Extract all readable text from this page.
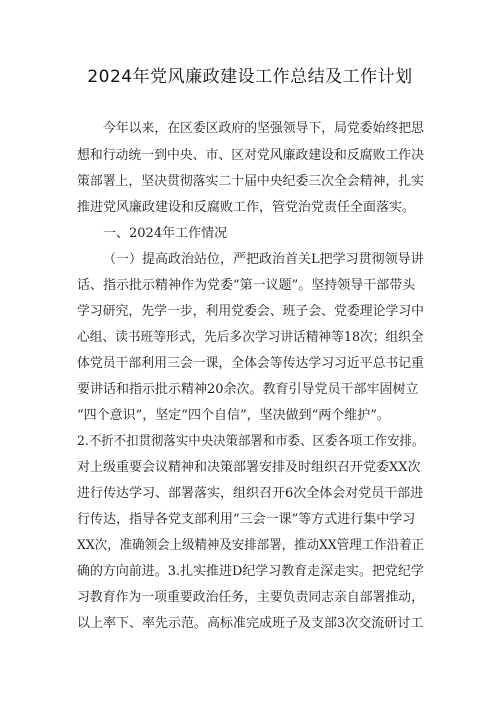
2024年党风廉政建设工作总结及工作计划
今年以来，在区委区政府的坚强领导下，局党委始终把思
想和行动统一到中央、市、区对党风廉政建设和反腐败工作决
策部署上，坚决贯彻落实二十届中央纪委三次全会精神，扎实
推进党风廉政建设和反腐败工作，管党治党责任全面落实。
一、2024年工作情况
（一）提高政治站位，严把政治首关L把学习贯彻领导讲
话、指示批示精神作为党委“第一议题”。坚持领导干部带头
学习研究，先学一步，利用党委会、班子会、党委理论学习中
心组、读书班等形式，先后多次学习讲话精神等18次；组织全
体党员干部利用三会一课，全体会等传达学习习近平总书记重
要讲话和指示批示精神20余次。教育引导党员干部牢固树立
“四个意识”，坚定“四个自信”，坚决做到“两个维护”。
2.不折不扣贯彻落实中央决策部署和市委、区委各项工作安排。
对上级重要会议精神和决策部署安排及时组织召开党委XX次
进行传达学习、部署落实，组织召开6次全体会对党员干部进
行传达，指导各党支部利用“三会一课”等方式进行集中学习
XX次，准确领会上级精神及安排部署，推动XX管理工作沿着正
确的方向前进。3.扎实推进D纪学习教育走深走实。把党纪学
习教育作为一项重要政治任务，主要负责同志亲自部署推动，
以上率下、率先示范。高标准完成班子及支部3次交流研讨工
